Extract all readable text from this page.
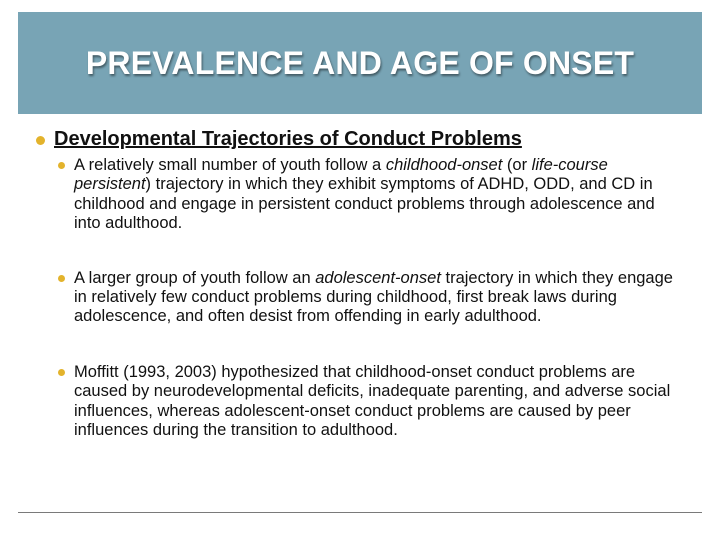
PREVALENCE AND AGE OF ONSET
Developmental Trajectories of Conduct Problems
A relatively small number of youth follow a childhood-onset (or life-course persistent) trajectory in which they exhibit symptoms of ADHD, ODD, and CD in childhood and engage in persistent conduct problems through adolescence and into adulthood.
A larger group of youth follow an adolescent-onset trajectory in which they engage in relatively few conduct problems during childhood, first break laws during adolescence, and often desist from offending in early adulthood.
Moffitt (1993, 2003) hypothesized that childhood-onset conduct problems are caused by neurodevelopmental deficits, inadequate parenting, and adverse social influences, whereas adolescent-onset conduct problems are caused by peer influences during the transition to adulthood.
